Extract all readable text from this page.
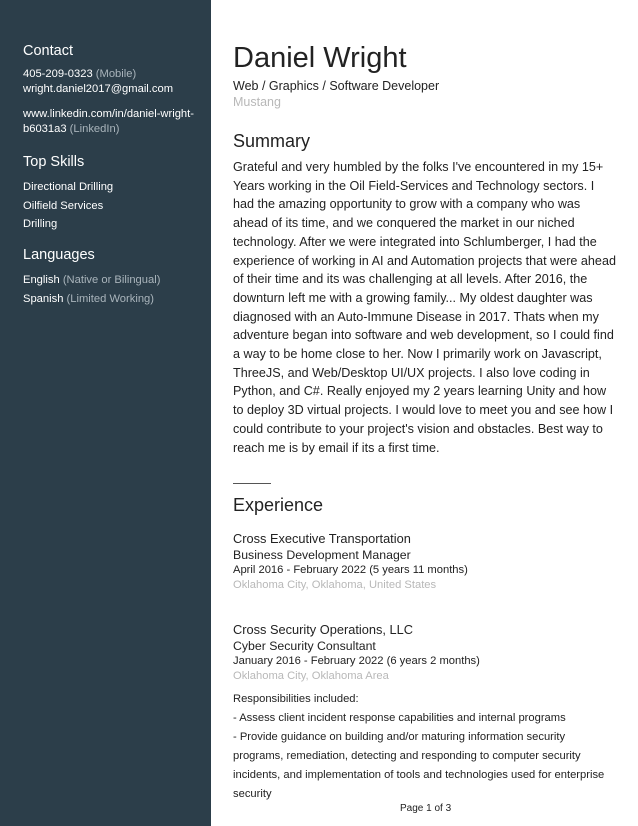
Contact
405-209-0323 (Mobile)
wright.daniel2017@gmail.com
www.linkedin.com/in/daniel-wright-
b6031a3 (LinkedIn)
Top Skills
Directional Drilling
Oilfield Services
Drilling
Languages
English (Native or Bilingual)
Spanish (Limited Working)
Daniel Wright
Web / Graphics / Software Developer
Mustang
Summary
Grateful and very humbled by the folks I've encountered in my 15+ Years working in the Oil Field-Services and Technology sectors. I had the amazing opportunity to grow with a company who was ahead of its time, and we conquered the market in our niched technology. After we were integrated into Schlumberger, I had the experience of working in AI and Automation projects that were ahead of their time and its was challenging at all levels. After 2016, the downturn left me with a growing family... My oldest daughter was diagnosed with an Auto-Immune Disease in 2017. Thats when my adventure began into software and web development, so I could find a way to be home close to her. Now I primarily work on Javascript, ThreeJS, and Web/Desktop UI/UX projects. I also love coding in Python, and C#. Really enjoyed my 2 years learning Unity and how to deploy 3D virtual projects. I would love to meet you and see how I could contribute to your project's vision and obstacles. Best way to reach me is by email if its a first time.
Experience
Cross Executive Transportation
Business Development Manager
April 2016 - February 2022 (5 years 11 months)
Oklahoma City, Oklahoma, United States
Cross Security Operations, LLC
Cyber Security Consultant
January 2016 - February 2022 (6 years 2 months)
Oklahoma City, Oklahoma Area
Responsibilities included:
- Assess client incident response capabilities and internal programs
- Provide guidance on building and/or maturing information security programs, remediation, detecting and responding to computer security incidents, and implementation of tools and technologies used for enterprise security
Page 1 of 3
